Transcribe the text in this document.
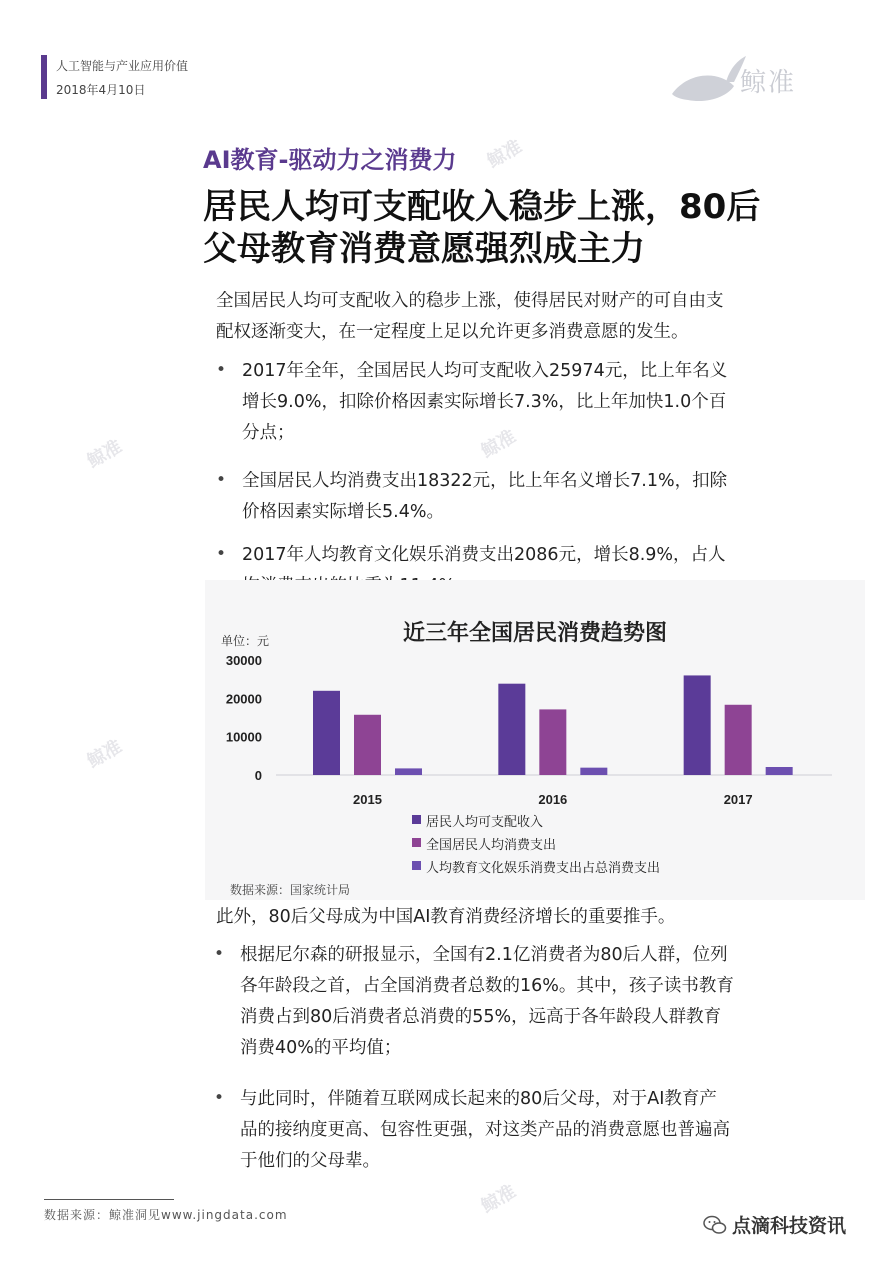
鲸准
鲸准	鲸准
鲸准
鲸准
人工智能与产业应用价值
2018年4月10日	鲸准
AI教育-驱动力之消费力
居民人均可支配收入稳步上涨，80后
父母教育消费意愿强烈成主力
全国居民人均可支配收入的稳步上涨，使得居民对财产的可自由支
配权逐渐变大，在一定程度上足以允许更多消费意愿的发生。
• 2017年全年，全国居民人均可支配收入25974元，比上年名义
增长9.0%，扣除价格因素实际增长7.3%，比上年加快1.0个百
分点；
• 全国居民人均消费支出18322元，比上年名义增长7.1%，扣除
价格因素实际增长5.4%。
• 2017年人均教育文化娱乐消费支出2086元，增长8.9%，占人
近三年全国居民消费趋势图
单位：元
30000
20000
10000
0
2015	2016	2017
居民人均可支配收入
全国居民人均消费支出
人均教育文化娱乐消费支出占总消费支出
数据来源：国家统计局
此外，80后父母成为中国AI教育消费经济增长的重要推手。
• 根据尼尔森的研报显示，全国有2.1亿消费者为80后人群，位列
各年龄段之首，占全国消费者总数的16%。其中，孩子读书教育
消费占到80后消费者总消费的55%，远高于各年龄段人群教育
消费40%的平均值；
• 与此同时，伴随着互联网成长起来的80后父母，对于AI教育产
品的接纳度更高、包容性更强，对这类产品的消费意愿也普遍高
于他们的父母辈。
数据来源：鲸准洞见www.jingdata.com	点滴科技资讯
